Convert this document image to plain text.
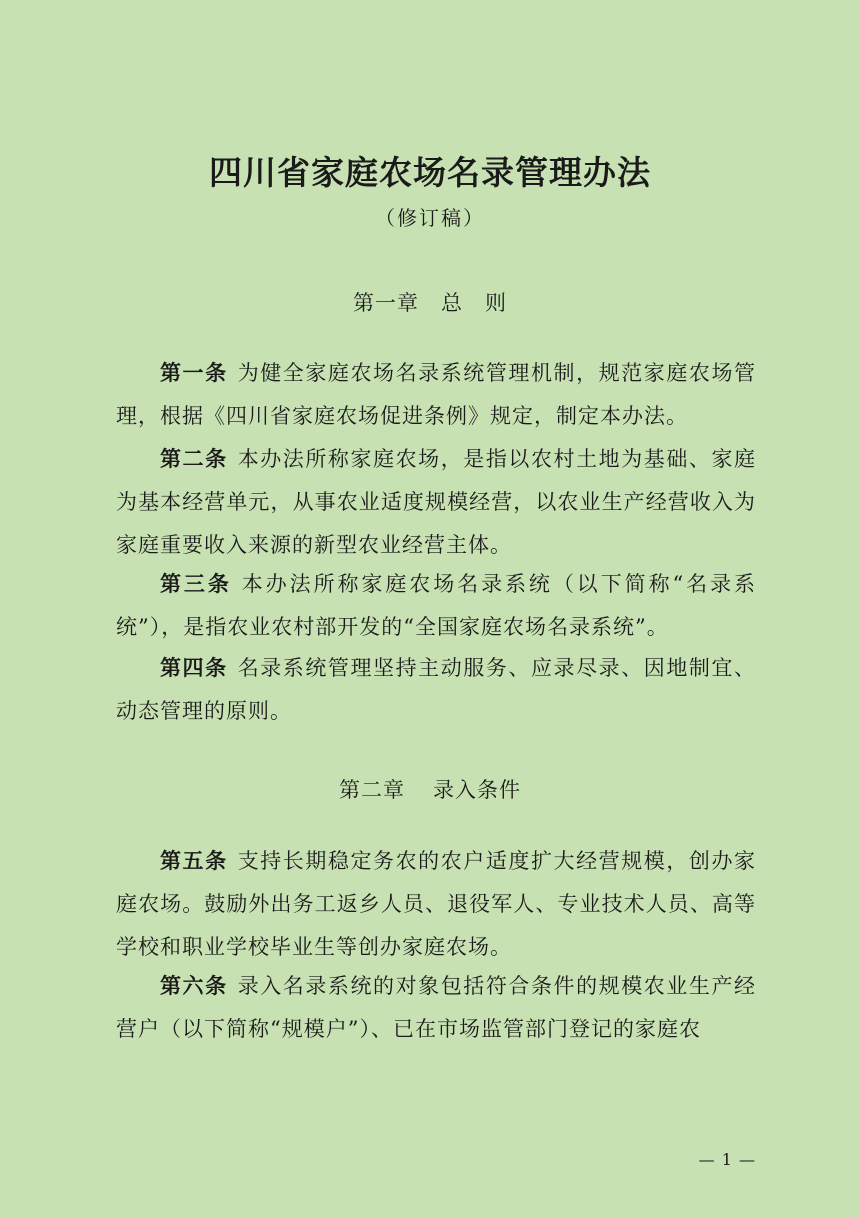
四川省家庭农场名录管理办法
（修订稿）
第一章 总　则
第一条 为健全家庭农场名录系统管理机制，规范家庭农场管理，根据《四川省家庭农场促进条例》规定，制定本办法。
第二条 本办法所称家庭农场，是指以农村土地为基础、家庭为基本经营单元，从事农业适度规模经营，以农业生产经营收入为家庭重要收入来源的新型农业经营主体。
第三条 本办法所称家庭农场名录系统（以下简称“名录系统”），是指农业农村部开发的“全国家庭农场名录系统”。
第四条 名录系统管理坚持主动服务、应录尽录、因地制宜、动态管理的原则。
第二章 录入条件
第五条 支持长期稳定务农的农户适度扩大经营规模，创办家庭农场。鼓励外出务工返乡人员、退役军人、专业技术人员、高等学校和职业学校毕业生等创办家庭农场。
第六条 录入名录系统的对象包括符合条件的规模农业生产经营户（以下简称“规模户”）、已在市场监管部门登记的家庭农
— 1 —
